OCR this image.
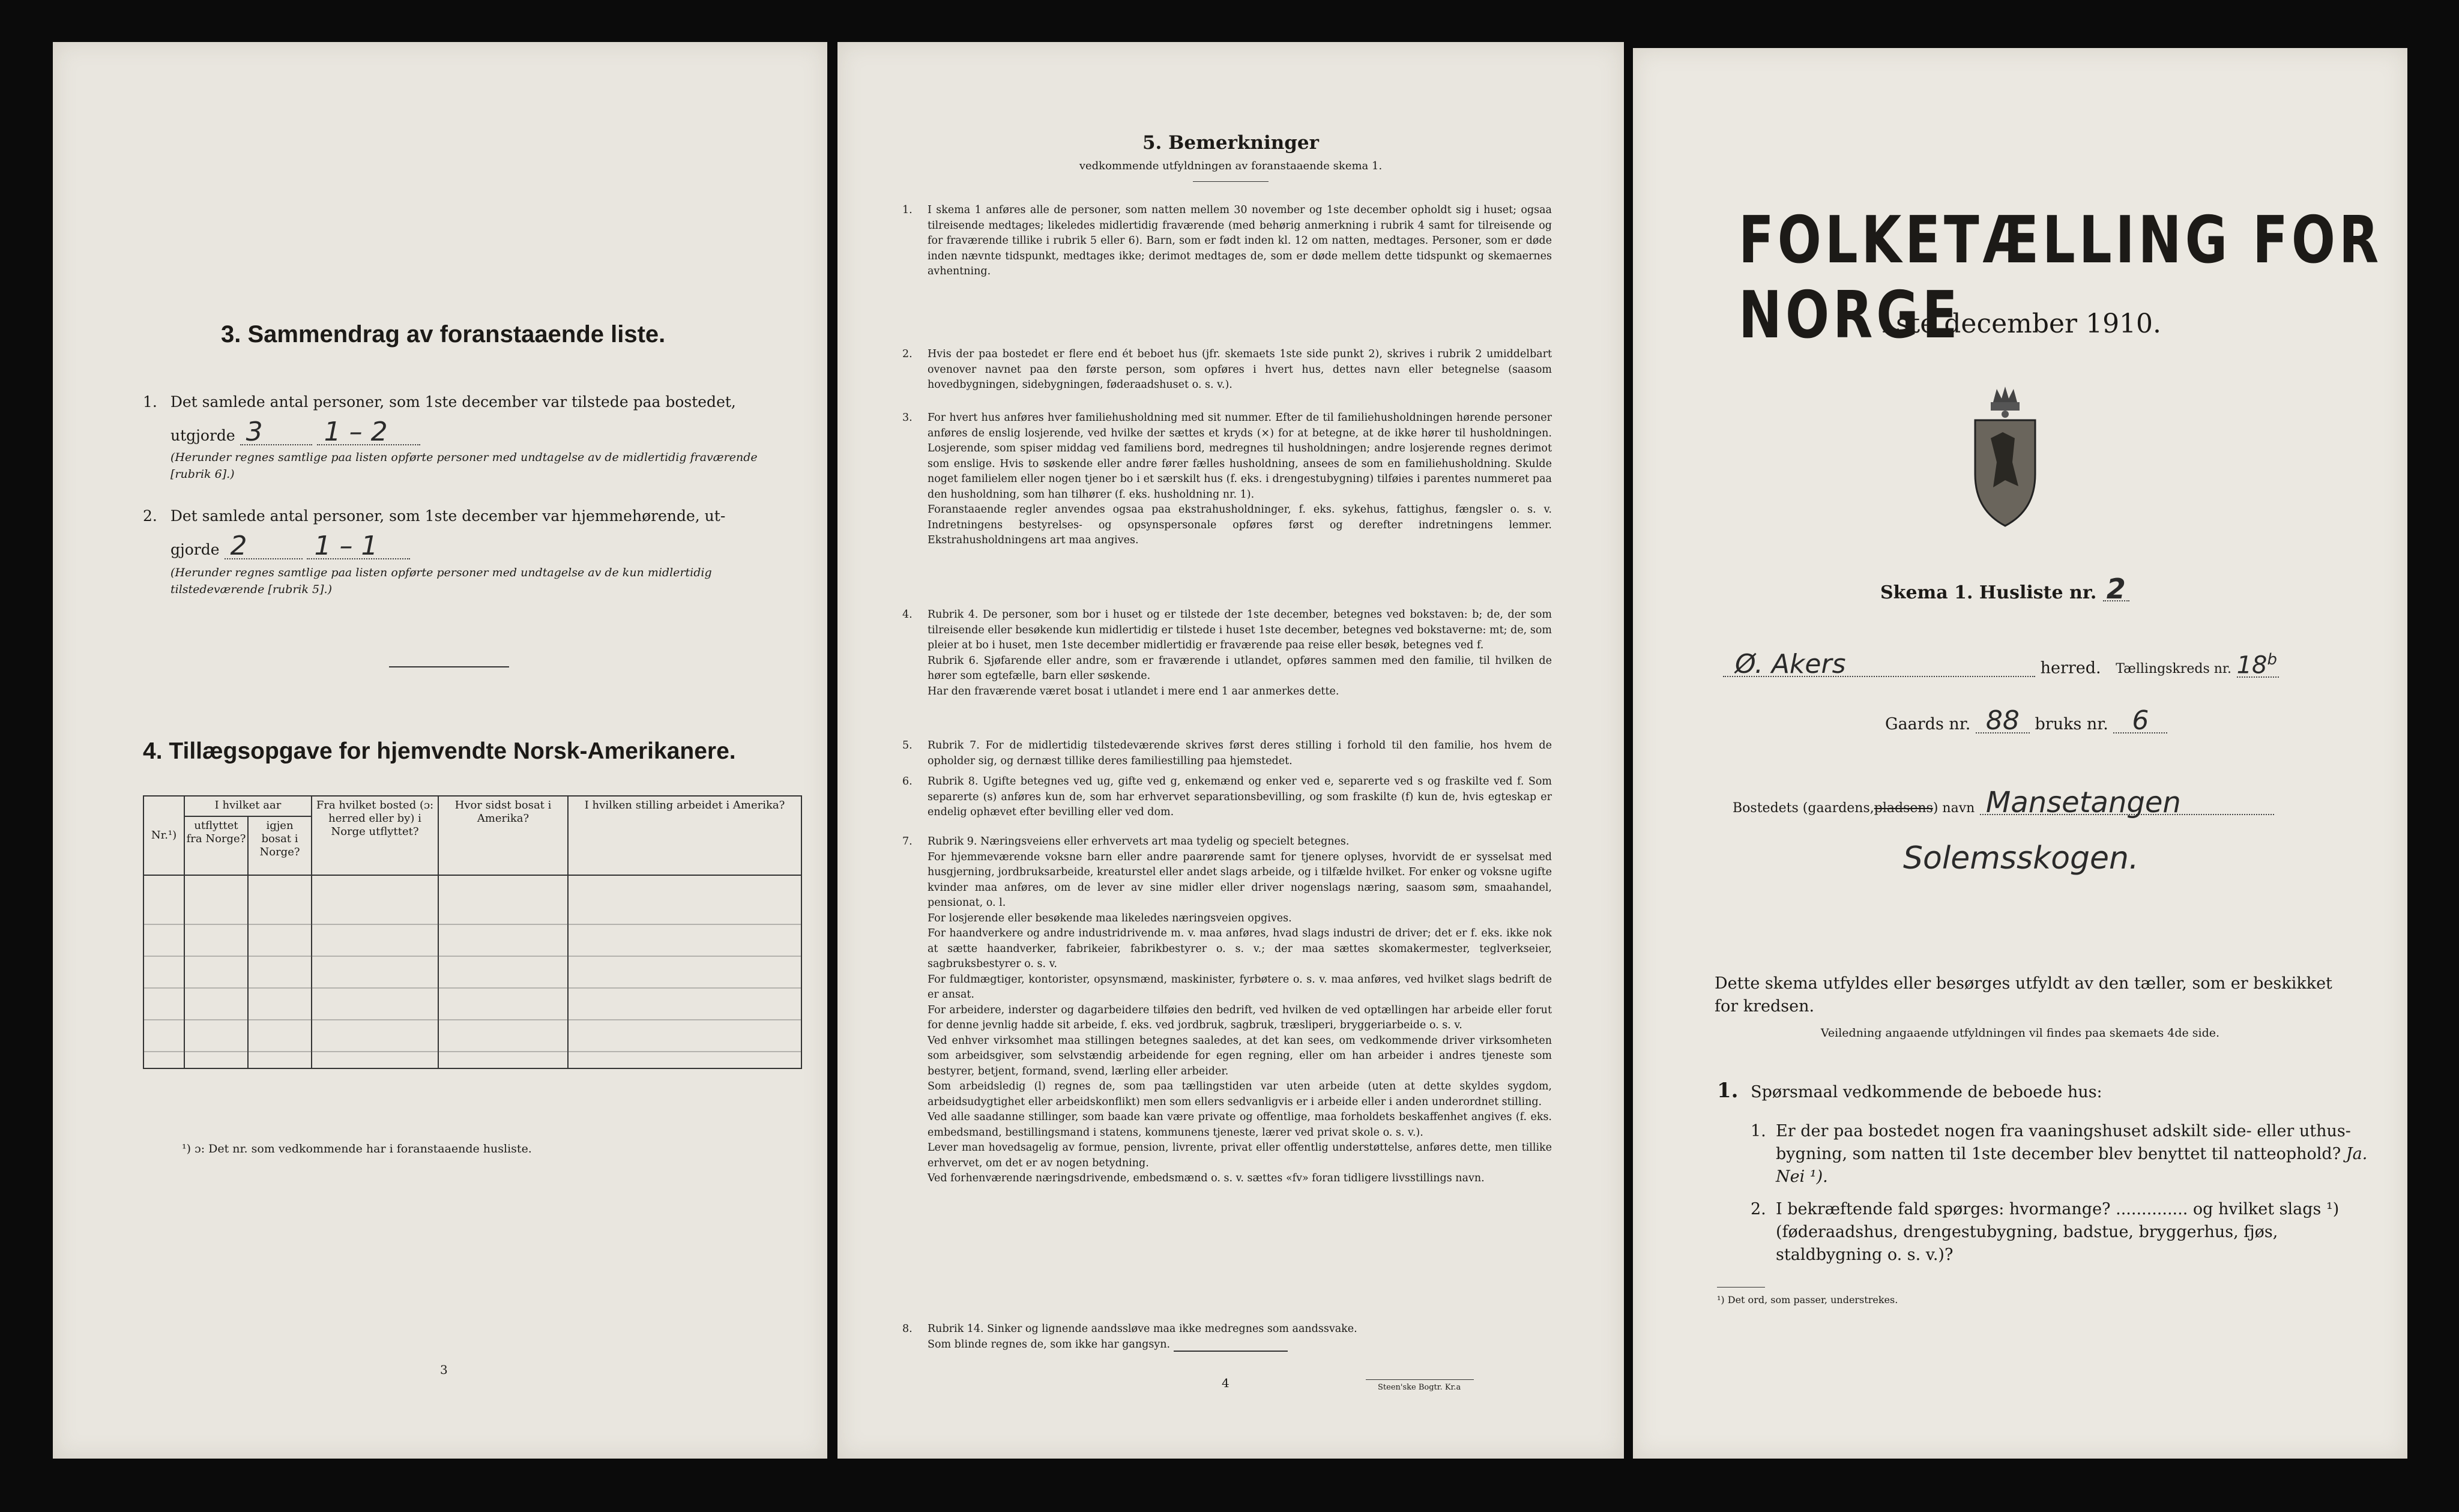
3. Sammendrag av foranstaaende liste.
1. Det samlede antal personer, som 1ste december var tilstede paa bostedet,
utgjorde 3 1 – 2
(Herunder regnes samtlige paa listen opførte personer med undtagelse av de midlertidig fraværende [rubrik 6].)
2. Det samlede antal personer, som 1ste december var hjemmehørende, ut-
gjorde 2	1 – 1
(Herunder regnes samtlige paa listen opførte personer med undtagelse av de kun midlertidig tilstedeværende [rubrik 5].)
4. Tillægsopgave for hjemvendte Norsk-Amerikanere.
Nr.¹)	I hvilket aar		Fra hvilket bosted (ɔ: herred eller by) i Norge utflyttet?	Hvor sidst bosat i Amerika?	I hvilken stilling arbeidet i Amerika?
	utflyttet fra Norge?	igjen bosat i Norge?			

¹) ɔ: Det nr. som vedkommende har i foranstaaende husliste.
3
5. Bemerkninger
vedkommende utfyldningen av foranstaaende skema 1.
1. I skema 1 anføres alle de personer, som natten mellem 30 november og 1ste december opholdt sig i huset; ogsaa tilreisende medtages; likeledes midlertidig fraværende (med behørig anmerkning i rubrik 4 samt for tilreisende og for fraværende tillike i rubrik 5 eller 6). Barn, som er født inden kl. 12 om natten, medtages. Personer, som er døde inden nævnte tidspunkt, medtages ikke; derimot medtages de, som er døde mellem dette tidspunkt og skemaernes avhentning.
2. Hvis der paa bostedet er flere end ét beboet hus (jfr. skemaets 1ste side punkt 2), skrives i rubrik 2 umiddelbart ovenover navnet paa den første person, som opføres i hvert hus, dettes navn eller betegnelse (saasom hovedbygningen, sidebygningen, føderaadshuset o. s. v.).
3. For hvert hus anføres hver familiehusholdning med sit nummer. Efter de til familiehusholdningen hørende personer anføres de enslig losjerende, ved hvilke der sættes et kryds (×) for at betegne, at de ikke hører til husholdningen. Losjerende, som spiser middag ved familiens bord, medregnes til husholdningen; andre losjerende regnes derimot som enslige. Hvis to søskende eller andre fører fælles husholdning, ansees de som en familiehusholdning. Skulde noget familielem eller nogen tjener bo i et særskilt hus (f. eks. i drengestubygning) tilføies i parentes nummeret paa den husholdning, som han tilhører (f. eks. husholdning nr. 1).
Foranstaaende regler anvendes ogsaa paa ekstrahusholdninger, f. eks. sykehus, fattighus, fængsler o. s. v. Indretningens bestyrelses- og opsynspersonale opføres først og derefter indretningens lemmer. Ekstrahusholdningens art maa angives.
4. Rubrik 4. De personer, som bor i huset og er tilstede der 1ste december, betegnes ved bokstaven: b; de, der som tilreisende eller besøkende kun midlertidig er tilstede i huset 1ste december, betegnes ved bokstaverne: mt; de, som pleier at bo i huset, men 1ste december midlertidig er fraværende paa reise eller besøk, betegnes ved f.
Rubrik 6. Sjøfarende eller andre, som er fraværende i utlandet, opføres sammen med den familie, til hvilken de hører som egtefælle, barn eller søskende.
Har den fraværende været bosat i utlandet i mere end 1 aar anmerkes dette.
5. Rubrik 7. For de midlertidig tilstedeværende skrives først deres stilling i forhold til den familie, hos hvem de opholder sig, og dernæst tillike deres familiestilling paa hjemstedet.
6. Rubrik 8. Ugifte betegnes ved ug, gifte ved g, enkemænd og enker ved e, separerte ved s og fraskilte ved f. Som separerte (s) anføres kun de, som har erhvervet separationsbevilling, og som fraskilte (f) kun de, hvis egteskap er endelig ophævet efter bevilling eller ved dom.
7. Rubrik 9. Næringsveiens eller erhvervets art maa tydelig og specielt betegnes.
For hjemmeværende voksne barn eller andre paarørende samt for tjenere oplyses, hvorvidt de er sysselsat med husgjerning, jordbruksarbeide, kreaturstel eller andet slags arbeide, og i tilfælde hvilket. For enker og voksne ugifte kvinder maa anføres, om de lever av sine midler eller driver nogenslags næring, saasom søm, smaahandel, pensionat, o. l.
For losjerende eller besøkende maa likeledes næringsveien opgives.
For haandverkere og andre industridrivende m. v. maa anføres, hvad slags industri de driver; det er f. eks. ikke nok at sætte haandverker, fabrikeier, fabrikbestyrer o. s. v.; der maa sættes skomakermester, teglverkseier, sagbruksbestyrer o. s. v.
For fuldmægtiger, kontorister, opsynsmænd, maskinister, fyrbøtere o. s. v. maa anføres, ved hvilket slags bedrift de er ansat.
For arbeidere, inderster og dagarbeidere tilføies den bedrift, ved hvilken de ved optællingen har arbeide eller forut for denne jevnlig hadde sit arbeide, f. eks. ved jordbruk, sagbruk, træsliperi, bryggeriarbeide o. s. v.
Ved enhver virksomhet maa stillingen betegnes saaledes, at det kan sees, om vedkommende driver virksomheten som arbeidsgiver, som selvstændig arbeidende for egen regning, eller om han arbeider i andres tjeneste som bestyrer, betjent, formand, svend, lærling eller arbeider.
Som arbeidsledig (l) regnes de, som paa tællingstiden var uten arbeide (uten at dette skyldes sygdom, arbeidsudygtighet eller arbeidskonflikt) men som ellers sedvanligvis er i arbeide eller i anden underordnet stilling.
Ved alle saadanne stillinger, som baade kan være private og offentlige, maa forholdets beskaffenhet angives (f. eks. embedsmand, bestillingsmand i statens, kommunens tjeneste, lærer ved privat skole o. s. v.).
Lever man hovedsagelig av formue, pension, livrente, privat eller offentlig understøttelse, anføres dette, men tillike erhvervet, om det er av nogen betydning.
Ved forhenværende næringsdrivende, embedsmænd o. s. v. sættes «fv» foran tidligere livsstillings navn.
8. Rubrik 14. Sinker og lignende aandssløve maa ikke medregnes som aandssvake.
Som blinde regnes de, som ikke har gangsyn.
4	Steen'ske Bogtr. Kr.a
FOLKETÆLLING FOR NORGE
1ste december 1910.
Skema 1. Husliste nr. 2
Ø. Akers	herred. Tællingskreds nr. 18$^b$
Gaards nr. 88 bruks nr. 6
Bostedets (gaardens,pladsens) navn Mansetangen
Solemsskogen.
Dette skema utfyldes eller besørges utfyldt av den tæller, som er beskikket for kredsen.
Veiledning angaaende utfyldningen vil findes paa skemaets 4de side.
1. Spørsmaal vedkommende de beboede hus:
1. Er der paa bostedet nogen fra vaaningshuset adskilt side- eller uthus-bygning, som natten til 1ste december blev benyttet til natteophold? Ja. Nei ¹).
2. I bekræftende fald spørges: hvormange? .............. og hvilket slags ¹) (føderaadshus, drengestubygning, badstue, bryggerhus, fjøs, staldbygning o. s. v.)?
¹) Det ord, som passer, understrekes.
